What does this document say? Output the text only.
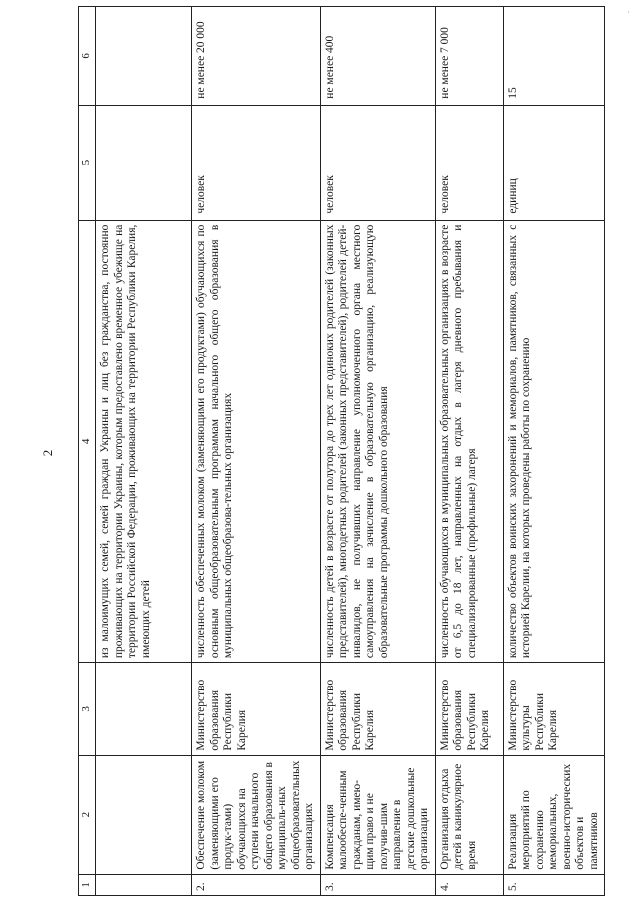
·
2
1	2	3	4	5	6
			из малоимущих семей, семей граждан Украины и лиц без гражданства, постоянно проживающих на территории Украины, которым предоставлено временное убежище на территории Российской Федерации, проживающих на территории Республики Карелия, имеющих детей		
2.	Обеспечение молоком (заменяющими его продук-тами) обучающихся на ступени начального общего образования в муниципаль-ных общеобразовательных организациях	Министерство образования Республики Карелия	численность обеспеченных молоком (заменяющими его продуктами) обучающихся по основным общеобразовательным программам начального общего образования в муниципальных общеобразова-тельных организациях	человек	не менее 20 000
3.	Компенсация малообеспе-ченным гражданам, имею-щим право и не получив-шим направление в детские дошкольные организации	Министерство образования Республики Карелия	численность детей в возрасте от полутора до трех лет одиноких родителей (законных представителей), многодетных родителей (законных представителей), родителей детей-инвалидов, не получивших направление уполномоченного органа местного самоуправления на зачисление в образовательную организацию, реализующую образовательные программы дошкольного образования	человек	не менее 400
4.	Организация отдыха детей в каникулярное время	Министерство образования Республики Карелия	численность обучающихся в муниципальных образовательных организациях в возрасте от 6,5 до 18 лет, направленных на отдых в лагеря дневного пребывания и специализированные (профильные) лагеря	человек	не менее 7 000
5.	Реализация мероприятий по сохранению мемориальных, военно-исторических объектов и памятников	Министерство культуры Республики Карелия	количество объектов воинских захоронений и мемориалов, памятников, связанных с историей Карелии, на которых проведены работы по сохранению	единиц	15
